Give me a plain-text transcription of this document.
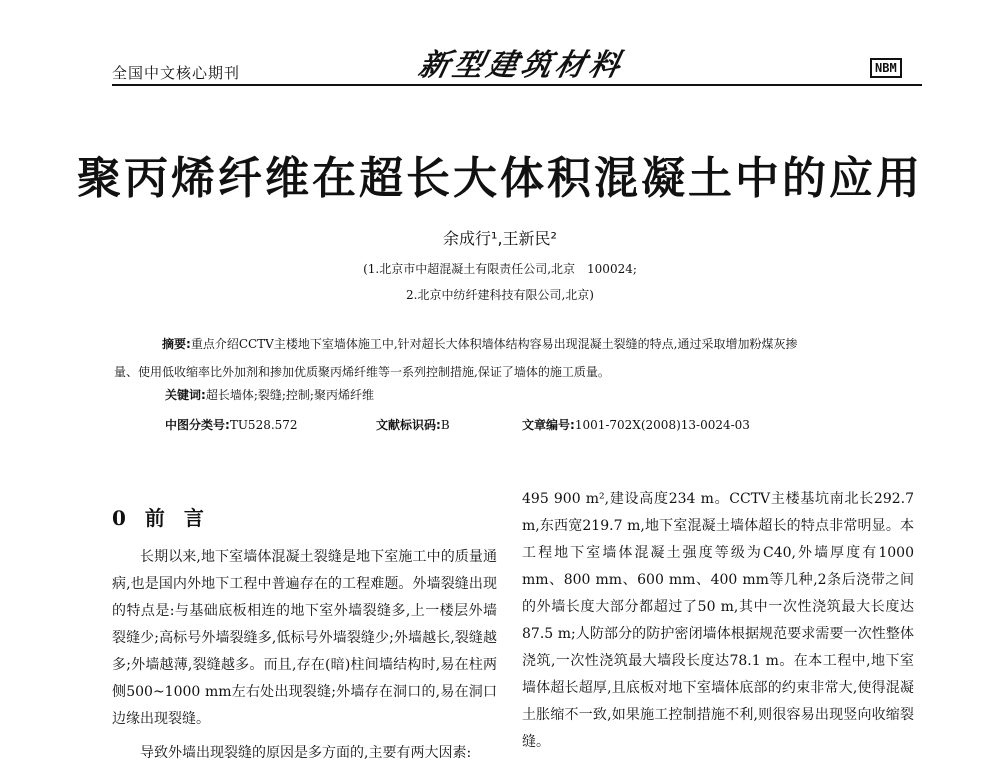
全国中文核心期刊	新型建筑材料	NBM
聚丙烯纤维在超长大体积混凝土中的应用
余成行¹,王新民²
(1.北京市中超混凝土有限责任公司,北京　100024;
2.北京中纺纤建科技有限公司,北京)
摘要:重点介绍CCTV主楼地下室墙体施工中,针对超长大体积墙体结构容易出现混凝土裂缝的特点,通过采取增加粉煤灰掺
量、使用低收缩率比外加剂和掺加优质聚丙烯纤维等一系列控制措施,保证了墙体的施工质量。
关键词:超长墙体;裂缝;控制;聚丙烯纤维
中图分类号:TU528.572	文献标识码:B	文章编号:1001-702X(2008)13-0024-03
0 前 言

长期以来,地下室墙体混凝土裂缝是地下室施工中的质量通病,也是国内外地下工程中普遍存在的工程难题。外墙裂缝出现的特点是:与基础底板相连的地下室外墙裂缝多,上一楼层外墙裂缝少;高标号外墙裂缝多,低标号外墙裂缝少;外墙越长,裂缝越多;外墙越薄,裂缝越多。而且,存在(暗)柱间墙结构时,易在柱两侧500~1000 mm左右处出现裂缝;外墙存在洞口的,易在洞口边缘出现裂缝。

导致外墙出现裂缝的原因是多方面的,主要有两大因素:

495 900 m²,建设高度234 m。CCTV主楼基坑南北长292.7 m,东西宽219.7 m,地下室混凝土墙体超长的特点非常明显。本工程地下室墙体混凝土强度等级为C40,外墙厚度有1000 mm、800 mm、600 mm、400 mm等几种,2条后浇带之间的外墙长度大部分都超过了50 m,其中一次性浇筑最大长度达87.5 m;人防部分的防护密闭墙体根据规范要求需要一次性整体浇筑,一次性浇筑最大墙段长度达78.1 m。在本工程中,地下室墙体超长超厚,且底板对地下室墙体底部的约束非常大,使得混凝土胀缩不一致,如果施工控制措施不利,则很容易出现竖向收缩裂缝。
